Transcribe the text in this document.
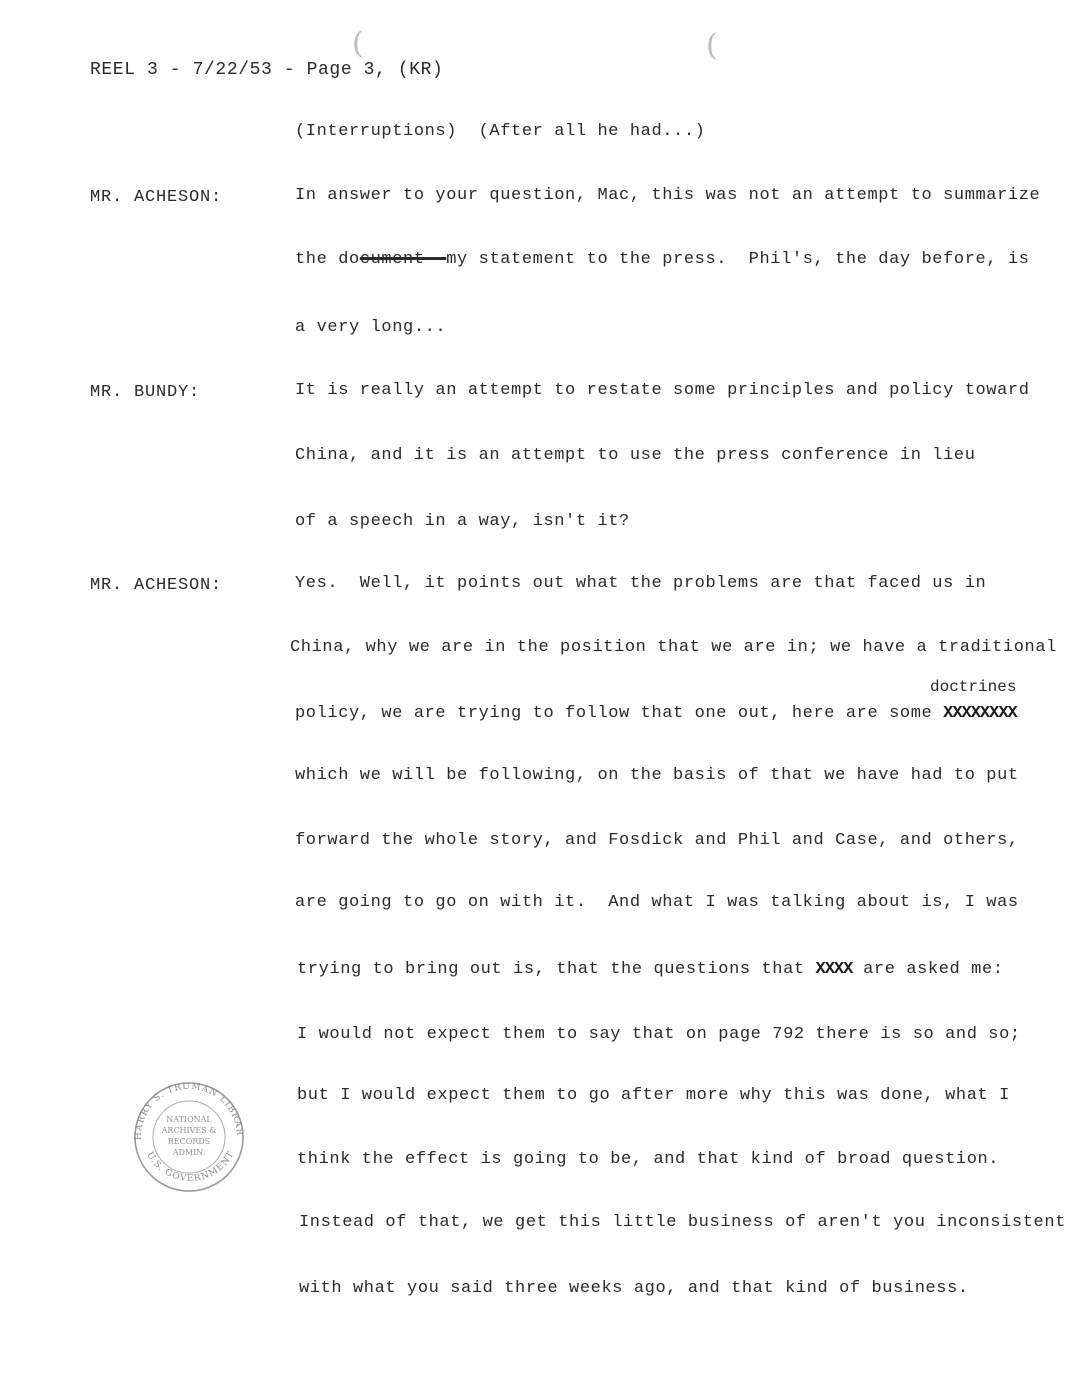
(	(
REEL 3 - 7/22/53 - Page 3, (KR)
(Interruptions)  (After all he had...)
MR. ACHESON:	In answer to your question, Mac, this was not an attempt to summarize
the document--my statement to the press.  Phil's, the day before, is
a very long...
MR. BUNDY:	It is really an attempt to restate some principles and policy toward
China, and it is an attempt to use the press conference in lieu
of a speech in a way, isn't it?
MR. ACHESON:	Yes.  Well, it points out what the problems are that faced us in
China, why we are in the position that we are in; we have a traditional
doctrines
policy, we are trying to follow that one out, here are some XXXXXXXX
which we will be following, on the basis of that we have had to put
forward the whole story, and Fosdick and Phil and Case, and others,
are going to go on with it.  And what I was talking about is, I was
trying to bring out is, that the questions that XXXX are asked me:
I would not expect them to say that on page 792 there is so and so;
but I would expect them to go after more why this was done, what I
think the effect is going to be, and that kind of broad question.
Instead of that, we get this little business of aren't you inconsistent
with what you said three weeks ago, and that kind of business.
HARRY S. TRUMAN LIBRAR
U.S. GOVERNMENT
NATIONAL
ARCHIVES &
RECORDS
ADMIN.
